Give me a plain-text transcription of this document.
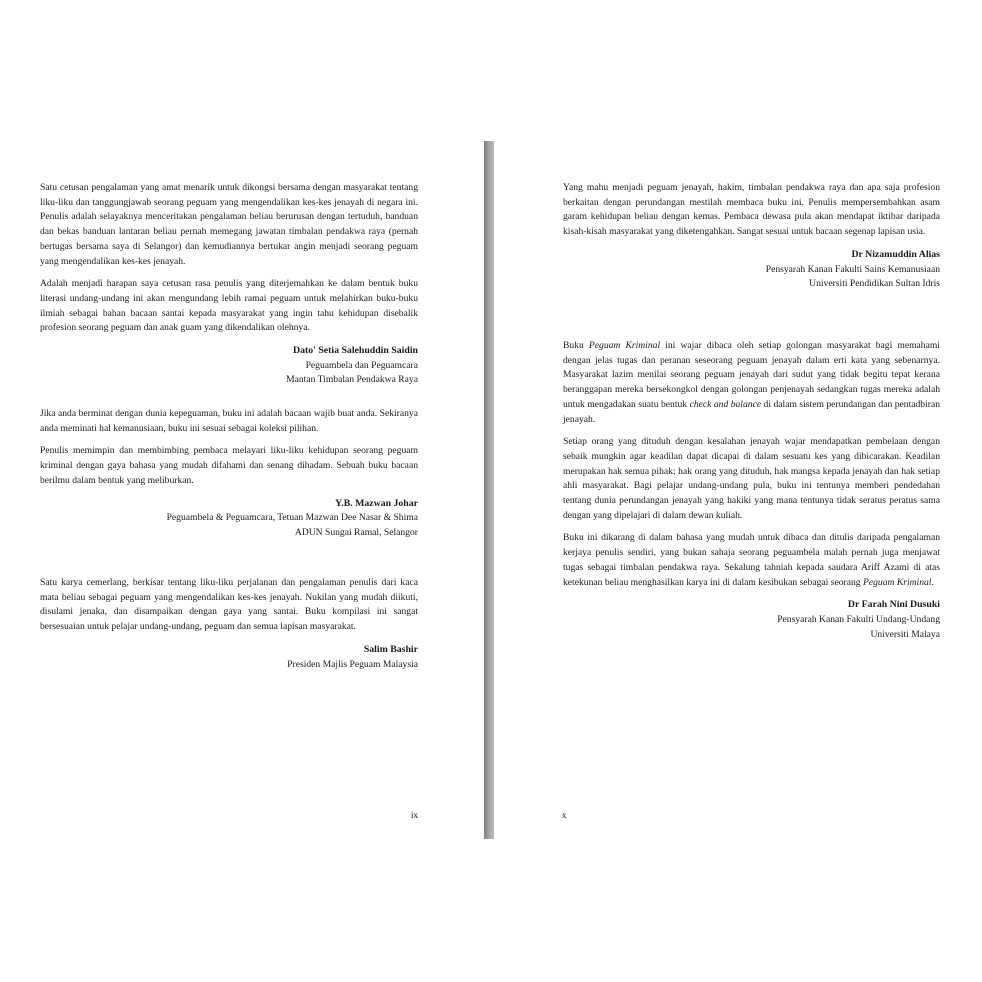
Satu cetusan pengalaman yang amat menarik untuk dikongsi bersama dengan masyarakat tentang liku-liku dan tanggungjawab seorang peguam yang mengendalikan kes-kes jenayah di negara ini. Penulis adalah selayaknya menceritakan pengalaman beliau berurusan dengan tertuduh, banduan dan bekas banduan lantaran beliau pernah memegang jawatan timbalan pendakwa raya (pernah bertugas bersama saya di Selangor) dan kemudiannya bertukar angin menjadi seorang peguam yang mengendalikan kes-kes jenayah.

Adalah menjadi harapan saya cetusan rasa penulis yang diterjemahkan ke dalam bentuk buku literasi undang-undang ini akan mengundang lebih ramai peguam untuk melahirkan buku-buku ilmiah sebagai bahan bacaan santai kepada masyarakat yang ingin tahu kehidupan disebalik profesion seorang peguam dan anak guam yang dikendalikan olehnya.

Dato' Setia Salehuddin Saidin
Peguambela dan Peguamcara
Mantan Timbalan Pendakwa Raya

Jika anda berminat dengan dunia kepeguaman, buku ini adalah bacaan wajib buat anda. Sekiranya anda meminati hal kemanusiaan, buku ini sesuai sebagai koleksi pilihan.

Penulis memimpin dan membimbing pembaca melayari liku-liku kehidupan seorang peguam kriminal dengan gaya bahasa yang mudah difahami dan senang dihadam. Sebuah buku bacaan berilmu dalam bentuk yang meliburkan.

Y.B. Mazwan Johar
Peguambela & Peguamcara, Tetuan Mazwan Dee Nasar & Shima
ADUN Sungai Ramal, Selangor

Satu karya cemerlang, berkisar tentang liku-liku perjalanan dan pengalaman penulis dari kaca mata beliau sebagai peguam yang mengendalikan kes-kes jenayah. Nukilan yang mudah diikuti, disulami jenaka, dan disampaikan dengan gaya yang santai. Buku kompilasi ini sangat bersesuaian untuk pelajar undang-undang, peguam dan semua lapisan masyarakat.

Salim Bashir
Presiden Majlis Peguam Malaysia
ix

Yang mahu menjadi peguam jenayah, hakim, timbalan pendakwa raya dan apa saja profesion berkaitan dengan perundangan mestilah membaca buku ini. Penulis mempersembahkan asam garam kehidupan beliau dengan kemas. Pembaca dewasa pula akan mendapat iktibar daripada kisah-kisah masyarakat yang diketengahkan. Sangat sesuai untuk bacaan segenap lapisan usia.

Dr Nizamuddin Alias
Pensyarah Kanan Fakulti Sains Kemanusiaan
Universiti Pendidikan Sultan Idris

Buku Peguam Kriminal ini wajar dibaca oleh setiap golongan masyarakat bagi memahami dengan jelas tugas dan peranan seseorang peguam jenayah dalam erti kata yang sebenarnya. Masyarakat lazim menilai seorang peguam jenayah dari sudut yang tidak begitu tepat kerana beranggapan mereka bersekongkol dengan golongan penjenayah sedangkan tugas mereka adalah untuk mengadakan suatu bentuk check and balance di dalam sistem perundangan dan pentadbiran jenayah.

Setiap orang yang dituduh dengan kesalahan jenayah wajar mendapatkan pembelaan dengan sebaik mungkin agar keadilan dapat dicapai di dalam sesuatu kes yang dibicarakan. Keadilan merupakan hak semua pihak; hak orang yang dituduh, hak mangsa kepada jenayah dan hak setiap ahli masyarakat. Bagi pelajar undang-undang pula, buku ini tentunya memberi pendedahan tentang dunia perundangan jenayah yang hakiki yang mana tentunya tidak seratus peratus sama dengan yang dipelajari di dalam dewan kuliah.

Buku ini dikarang di dalam bahasa yang mudah untuk dibaca dan ditulis daripada pengalaman kerjaya penulis sendiri, yang bukan sahaja seorang peguambela malah pernah juga menjawat tugas sebagai timbalan pendakwa raya. Sekalung tahniah kepada saudara Ariff Azami di atas ketekunan beliau menghasilkan karya ini di dalam kesibukan sebagai seorang Peguam Kriminal.

Dr Farah Nini Dusuki
Pensyarah Kanan Fakulti Undang-Undang
Universiti Malaya
x
